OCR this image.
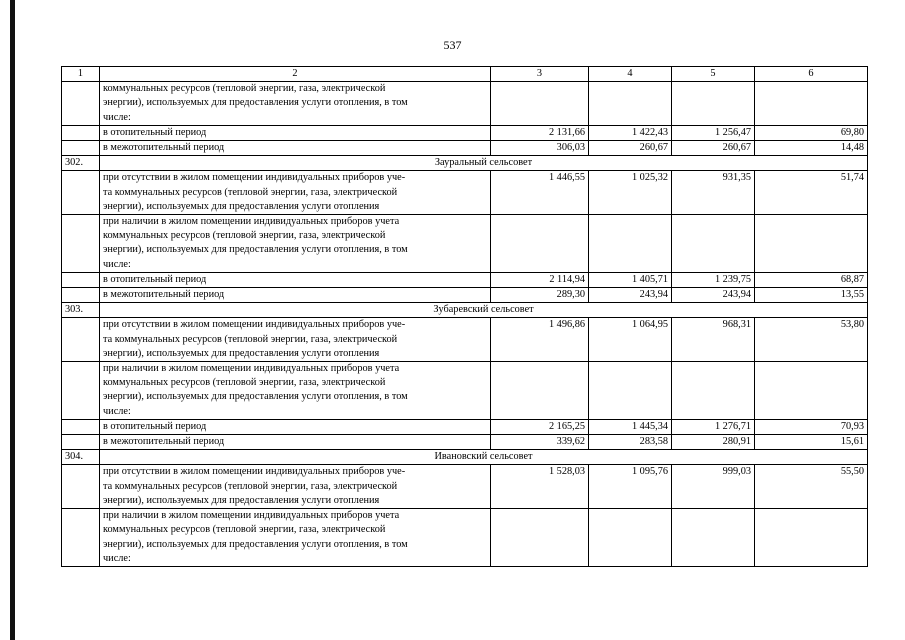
537
1	2	3	4	5	6

	коммунальных ресурсов (тепловой энергии, газа, электрической
энергии), используемых для предоставления услуги отопления, в том
числе:				

	в отопительный период	2 131,66	1 422,43	1 256,47	69,80
	в межотопительный период	306,03	260,67	260,67	14,48
302.	Зауральный сельсовет				

	при отсутствии в жилом помещении индивидуальных приборов уче-
та коммунальных ресурсов (тепловой энергии, газа, электрической
энергии), используемых для предоставления услуги отопления	1 446,55	1 025,32	931,35	51,74

	при наличии в жилом помещении индивидуальных приборов учета
коммунальных ресурсов (тепловой энергии, газа, электрической
энергии), используемых для предоставления услуги отопления, в том
числе:				

	в отопительный период	2 114,94	1 405,71	1 239,75	68,87
	в межотопительный период	289,30	243,94	243,94	13,55
303.	Зубаревский сельсовет				

	при отсутствии в жилом помещении индивидуальных приборов уче-
та коммунальных ресурсов (тепловой энергии, газа, электрической
энергии), используемых для предоставления услуги отопления	1 496,86	1 064,95	968,31	53,80

	при наличии в жилом помещении индивидуальных приборов учета
коммунальных ресурсов (тепловой энергии, газа, электрической
энергии), используемых для предоставления услуги отопления, в том
числе:				

	в отопительный период	2 165,25	1 445,34	1 276,71	70,93
	в межотопительный период	339,62	283,58	280,91	15,61
304.	Ивановский сельсовет				

	при отсутствии в жилом помещении индивидуальных приборов уче-
та коммунальных ресурсов (тепловой энергии, газа, электрической
энергии), используемых для предоставления услуги отопления	1 528,03	1 095,76	999,03	55,50

	при наличии в жилом помещении индивидуальных приборов учета
коммунальных ресурсов (тепловой энергии, газа, электрической
энергии), используемых для предоставления услуги отопления, в том
числе:				
